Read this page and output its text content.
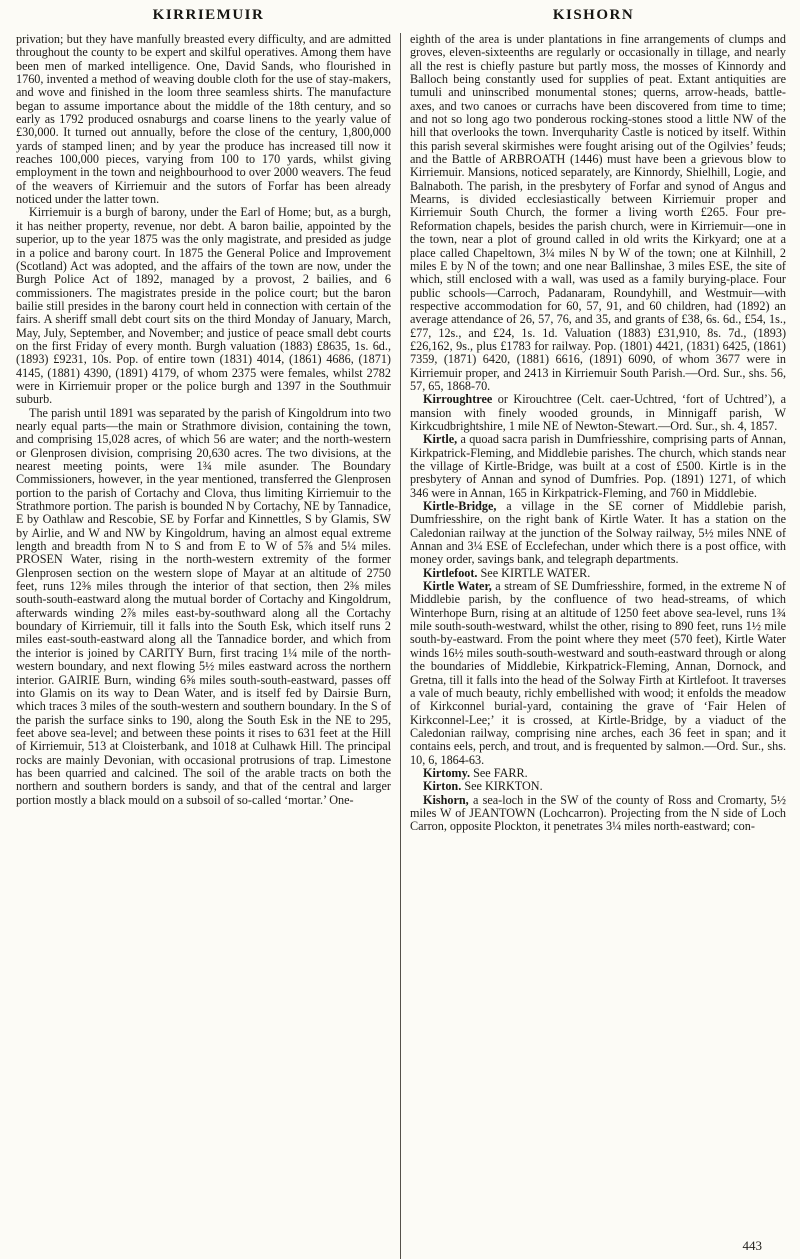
KIRRIEMUIR	KISHORN

privation; but they have manfully breasted every difficulty, and are admitted throughout the county to be expert and skilful operatives. Among them have been men of marked intelligence. One, David Sands, who flourished in 1760, invented a method of weaving double cloth for the use of stay-makers, and wove and finished in the loom three seamless shirts. The manufacture began to assume importance about the middle of the 18th century, and so early as 1792 produced osnaburgs and coarse linens to the yearly value of £30,000. It turned out annually, before the close of the century, 1,800,000 yards of stamped linen; and by year the produce has increased till now it reaches 100,000 pieces, varying from 100 to 170 yards, whilst giving employment in the town and neighbourhood to over 2000 weavers. The feud of the weavers of Kirriemuir and the sutors of Forfar has been already noticed under the latter town.

Kirriemuir is a burgh of barony, under the Earl of Home; but, as a burgh, it has neither property, revenue, nor debt. A baron bailie, appointed by the superior, up to the year 1875 was the only magistrate, and presided as judge in a police and barony court. In 1875 the General Police and Improvement (Scotland) Act was adopted, and the affairs of the town are now, under the Burgh Police Act of 1892, managed by a provost, 2 bailies, and 6 commissioners. The magistrates preside in the police court; but the baron bailie still presides in the barony court held in connection with certain of the fairs. A sheriff small debt court sits on the third Monday of January, March, May, July, September, and November; and justice of peace small debt courts on the first Friday of every month. Burgh valuation (1883) £8635, 1s. 6d., (1893) £9231, 10s. Pop. of entire town (1831) 4014, (1861) 4686, (1871) 4145, (1881) 4390, (1891) 4179, of whom 2375 were females, whilst 2782 were in Kirriemuir proper or the police burgh and 1397 in the Southmuir suburb.

The parish until 1891 was separated by the parish of Kingoldrum into two nearly equal parts—the main or Strathmore division, containing the town, and comprising 15,028 acres, of which 56 are water; and the north-western or Glenprosen division, comprising 20,630 acres. The two divisions, at the nearest meeting points, were 1¾ mile asunder. The Boundary Commissioners, however, in the year mentioned, transferred the Glenprosen portion to the parish of Cortachy and Clova, thus limiting Kirriemuir to the Strathmore portion. The parish is bounded N by Cortachy, NE by Tannadice, E by Oathlaw and Rescobie, SE by Forfar and Kinnettles, S by Glamis, SW by Airlie, and W and NW by Kingoldrum, having an almost equal extreme length and breadth from N to S and from E to W of 5⅞ and 5¼ miles. PROSEN Water, rising in the north-western extremity of the former Glenprosen section on the western slope of Mayar at an altitude of 2750 feet, runs 12⅜ miles through the interior of that section, then 2⅜ miles south-south-eastward along the mutual border of Cortachy and Kingoldrum, afterwards winding 2⅞ miles east-by-southward along all the Cortachy boundary of Kirriemuir, till it falls into the South Esk, which itself runs 2 miles east-south-eastward along all the Tannadice border, and which from the interior is joined by CARITY Burn, first tracing 1¼ mile of the north-western boundary, and next flowing 5½ miles eastward across the northern interior. GAIRIE Burn, winding 6⅝ miles south-south-eastward, passes off into Glamis on its way to Dean Water, and is itself fed by Dairsie Burn, which traces 3 miles of the south-western and southern boundary. In the S of the parish the surface sinks to 190, along the South Esk in the NE to 295, feet above sea-level; and between these points it rises to 631 feet at the Hill of Kirriemuir, 513 at Cloisterbank, and 1018 at Culhawk Hill. The principal rocks are mainly Devonian, with occasional protrusions of trap. Limestone has been quarried and calcined. The soil of the arable tracts on both the northern and southern borders is sandy, and that of the central and larger portion mostly a black mould on a subsoil of so-called ‘mortar.’ One-

eighth of the area is under plantations in fine arrangements of clumps and groves, eleven-sixteenths are regularly or occasionally in tillage, and nearly all the rest is chiefly pasture but partly moss, the mosses of Kinnordy and Balloch being constantly used for supplies of peat. Extant antiquities are tumuli and uninscribed monumental stones; querns, arrow-heads, battle-axes, and two canoes or currachs have been discovered from time to time; and not so long ago two ponderous rocking-stones stood a little NW of the hill that overlooks the town. Inverquharity Castle is noticed by itself. Within this parish several skirmishes were fought arising out of the Ogilvies’ feuds; and the Battle of ARBROATH (1446) must have been a grievous blow to Kirriemuir. Mansions, noticed separately, are Kinnordy, Shielhill, Logie, and Balnaboth. The parish, in the presbytery of Forfar and synod of Angus and Mearns, is divided ecclesiastically between Kirriemuir proper and Kirriemuir South Church, the former a living worth £265. Four pre-Reformation chapels, besides the parish church, were in Kirriemuir—one in the town, near a plot of ground called in old writs the Kirkyard; one at a place called Chapeltown, 3¼ miles N by W of the town; one at Kilnhill, 2 miles E by N of the town; and one near Ballinshae, 3 miles ESE, the site of which, still enclosed with a wall, was used as a family burying-place. Four public schools—Carroch, Padanaram, Roundyhill, and Westmuir—with respective accommodation for 60, 57, 91, and 60 children, had (1892) an average attendance of 26, 57, 76, and 35, and grants of £38, 6s. 6d., £54, 1s., £77, 12s., and £24, 1s. 1d. Valuation (1883) £31,910, 8s. 7d., (1893) £26,162, 9s., plus £1783 for railway. Pop. (1801) 4421, (1831) 6425, (1861) 7359, (1871) 6420, (1881) 6616, (1891) 6090, of whom 3677 were in Kirriemuir proper, and 2413 in Kirriemuir South Parish.—Ord. Sur., shs. 56, 57, 65, 1868-70.

Kirroughtree or Kirouchtree (Celt. caer-Uchtred, ‘fort of Uchtred’), a mansion with finely wooded grounds, in Minnigaff parish, W Kirkcudbrightshire, 1 mile NE of Newton-Stewart.—Ord. Sur., sh. 4, 1857.

Kirtle, a quoad sacra parish in Dumfriesshire, comprising parts of Annan, Kirkpatrick-Fleming, and Middlebie parishes. The church, which stands near the village of Kirtle-Bridge, was built at a cost of £500. Kirtle is in the presbytery of Annan and synod of Dumfries. Pop. (1891) 1271, of which 346 were in Annan, 165 in Kirkpatrick-Fleming, and 760 in Middlebie.

Kirtle-Bridge, a village in the SE corner of Middlebie parish, Dumfriesshire, on the right bank of Kirtle Water. It has a station on the Caledonian railway at the junction of the Solway railway, 5½ miles NNE of Annan and 3¼ ESE of Ecclefechan, under which there is a post office, with money order, savings bank, and telegraph departments.

Kirtlefoot. See KIRTLE WATER.

Kirtle Water, a stream of SE Dumfriesshire, formed, in the extreme N of Middlebie parish, by the confluence of two head-streams, of which Winterhope Burn, rising at an altitude of 1250 feet above sea-level, runs 1¾ mile south-south-westward, whilst the other, rising to 890 feet, runs 1½ mile south-by-eastward. From the point where they meet (570 feet), Kirtle Water winds 16½ miles south-south-westward and south-eastward through or along the boundaries of Middlebie, Kirkpatrick-Fleming, Annan, Dornock, and Gretna, till it falls into the head of the Solway Firth at Kirtlefoot. It traverses a vale of much beauty, richly embellished with wood; it enfolds the meadow of Kirkconnel burial-yard, containing the grave of ‘Fair Helen of Kirkconnel-Lee;’ it is crossed, at Kirtle-Bridge, by a viaduct of the Caledonian railway, comprising nine arches, each 36 feet in span; and it contains eels, perch, and trout, and is frequented by salmon.—Ord. Sur., shs. 10, 6, 1864-63.

Kirtomy. See FARR.

Kirton. See KIRKTON.

Kishorn, a sea-loch in the SW of the county of Ross and Cromarty, 5½ miles W of JEANTOWN (Lochcarron). Projecting from the N side of Loch Carron, opposite Plockton, it penetrates 3¼ miles north-eastward; con-

443
